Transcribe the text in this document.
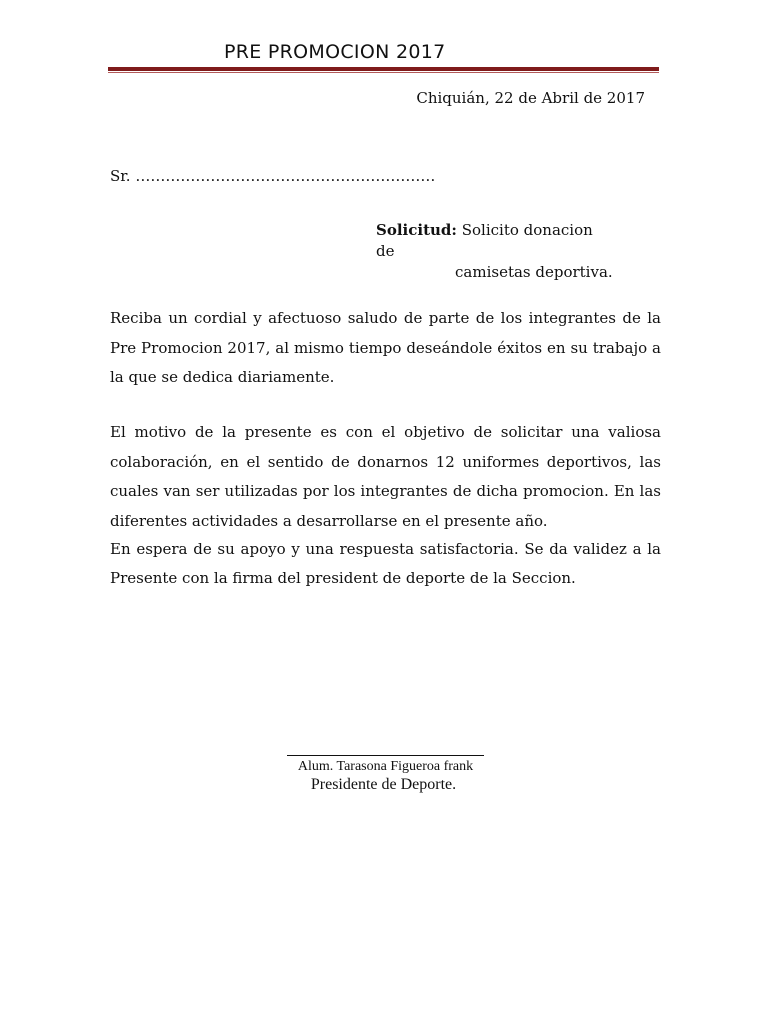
PRE PROMOCION 2017
Chiquián, 22 de Abril de 2017
Sr. ……………………………………………………
Solicitud: Solicito donacion de
camisetas deportiva.

Reciba un cordial y afectuoso saludo de parte de los integrantes de la Pre Promocion 2017, al mismo tiempo deseándole éxitos en su trabajo a la que se dedica diariamente.

El motivo de la presente es con el objetivo de solicitar una valiosa colaboración, en el sentido de donarnos 12 uniformes deportivos, las cuales van ser utilizadas por los integrantes de dicha promocion. En las diferentes actividades a desarrollarse en el presente año.

En espera de su apoyo y una respuesta satisfactoria. Se da validez a la Presente con la firma del president de deporte de la Seccion.

Alum. Tarasona Figueroa frank
Presidente de Deporte.
